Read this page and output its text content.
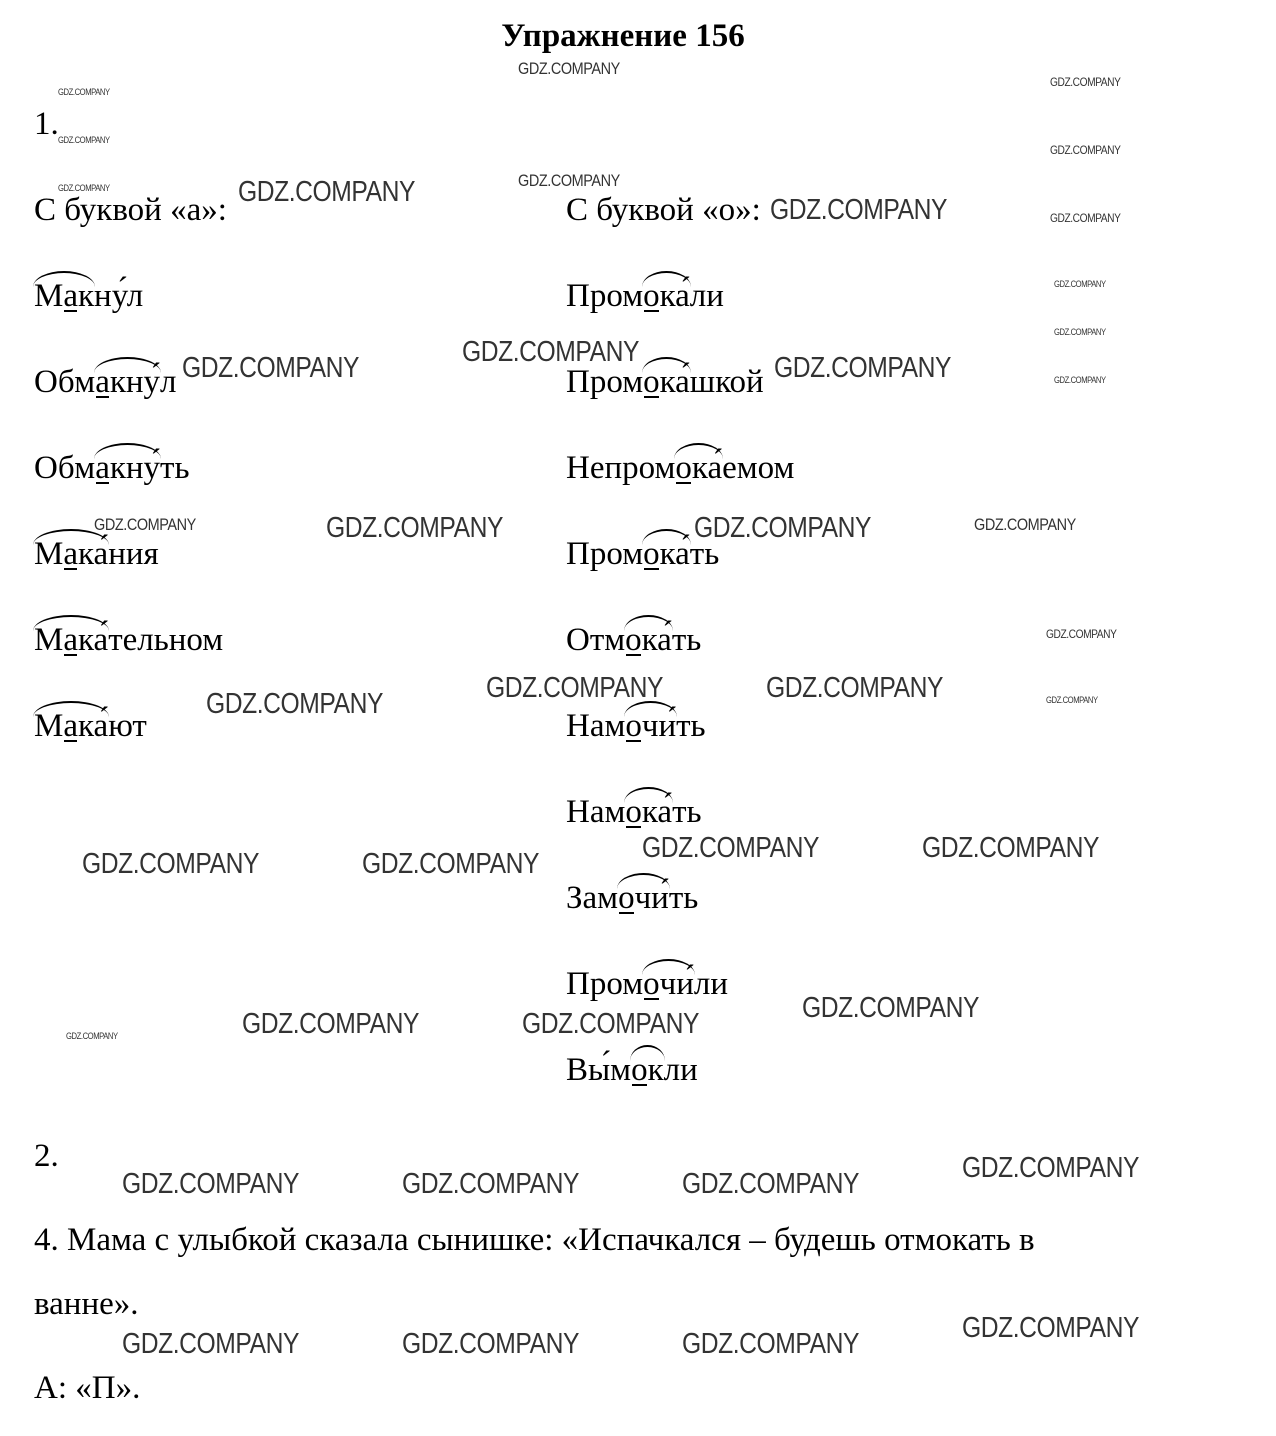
Упражнение 156
1.
С буквой «а»:	С буквой «о»:
Макну́л
Обмакну́л
Обмакну́ть
Мака́ния
Мака́тельном
Мака́ют
Промока́ли
Промока́шкой
Непромока́емом
Промока́ть
Отмока́ть
Намочи́ть
Намока́ть
Замочи́ть
Промочи́ли
Вы́мокли
2.
4. Мама с улыбкой сказала сынишке: «Испачкался – будешь отмокать в
ванне».
А: «П».
GDZ.COMPANY
GDZ.COMPANY
GDZ.COMPANY
GDZ.COMPANY
GDZ.COMPANY
GDZ.COMPANY	GDZ.COMPANY
GDZ.COMPANY
GDZ.COMPANY	GDZ.COMPANY
GDZ.COMPANY
GDZ.COMPANY
GDZ.COMPANY
GDZ.COMPANY
GDZ.COMPANY	GDZ.COMPANY
GDZ.COMPANY	GDZ.COMPANY	GDZ.COMPANY	GDZ.COMPANY
GDZ.COMPANY
GDZ.COMPANY	GDZ.COMPANY
GDZ.COMPANY	GDZ.COMPANY
GDZ.COMPANY	GDZ.COMPANY
GDZ.COMPANY	GDZ.COMPANY
GDZ.COMPANY
GDZ.COMPANY	GDZ.COMPANY	GDZ.COMPANY
GDZ.COMPANY
GDZ.COMPANY	GDZ.COMPANY	GDZ.COMPANY
GDZ.COMPANY
GDZ.COMPANY	GDZ.COMPANY	GDZ.COMPANY
